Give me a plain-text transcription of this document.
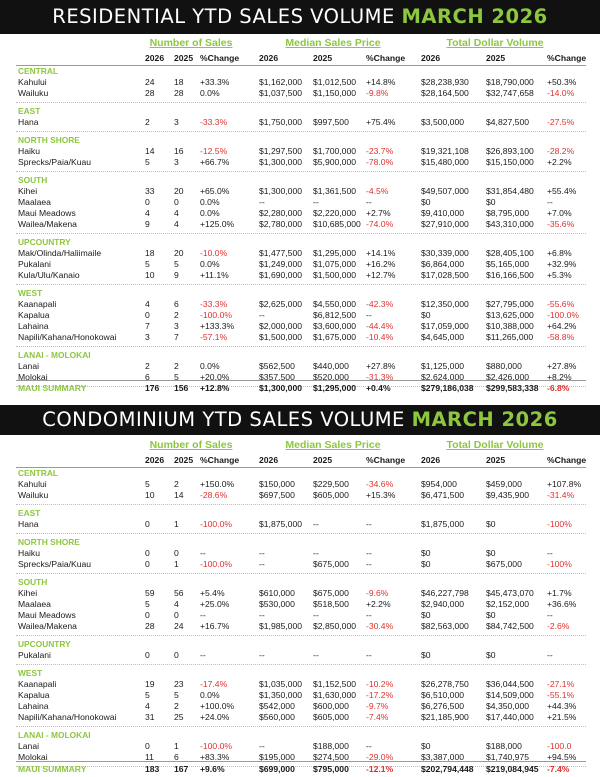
RESIDENTIAL YTD SALES VOLUME MARCH 2026
Number of Sales	Median Sales Price	Total Dollar Volume
2026 2025 %Change 2026	2025	%Change 2026	2025	%Change
CENTRAL
Kahului	24 18 +33.3%	$1,162,000 $1,012,500 +14.8%	$28,238,930 $18,790,000 +50.3%
Wailuku	28 28 0.0%	$1,037,500 $1,150,000 -9.8%	$28,164,500 $32,747,658 -14.0%
EAST
Hana	2	3 -33.3%	$1,750,000 $997,500 +75.4%	$3,500,000	$4,827,500 -27.5%
NORTH SHORE
Haiku	14 16 -12.5%	$1,297,500 $1,700,000 -23.7%	$19,321,108 $26,893,100 -28.2%
Sprecks/Paia/Kuau	5	3 +66.7%	$1,300,000 $5,900,000 -78.0%	$15,480,000 $15,150,000 +2.2%
SOUTH
Kihei	33 20 +65.0%	$1,300,000 $1,361,500 -4.5%	$49,507,000 $31,854,480 +55.4%
Maalaea	0	0 0.0%	--	--	--	$0	$0	--
Maui Meadows	4	4 0.0%	$2,280,000 $2,220,000 +2.7%	$9,410,000	$8,795,000 +7.0%
Wailea/Makena	9	4 +125.0%	$2,780,000 $10,685,000 -74.0%	$27,910,000 $43,310,000 -35.6%
UPCOUNTRY
Mak/Olinda/Haliimaile	18 20 -10.0%	$1,477,500 $1,295,000 +14.1%	$30,339,000 $28,405,100 +6.8%
Pukalani	5	5 0.0%	$1,249,000 $1,075,000 +16.2%	$6,864,000	$5,165,000 +32.9%
Kula/Ulu/Kanaio	10 9 +11.1%	$1,690,000 $1,500,000 +12.7%	$17,028,500 $16,166,500 +5.3%
WEST
Kaanapali	4	6 -33.3%	$2,625,000 $4,550,000 -42.3%	$12,350,000 $27,795,000 -55.6%
Kapalua	0	2 -100.0%	--	$6,812,500 --	$0	$13,625,000 -100.0%
Lahaina	7	3 +133.3%	$2,000,000 $3,600,000 -44.4%	$17,059,000 $10,388,000 +64.2%
Napili/Kahana/Honokowai	3	7 -57.1%	$1,500,000 $1,675,000 -10.4%	$4,645,000	$11,265,000 -58.8%
LANAI - MOLOKAI
Lanai	2	2 0.0%	$562,500 $440,000 +27.8%	$1,125,000	$880,000	+27.8%
Molokai	6	5 +20.0%	$357,500 $520,000 -31.3%	$2,624,000	$2,426,000 +8.2%
MAUI SUMMARY	176 156 +12.8%	$1,300,000 $1,295,000 +0.4%	$279,186,038 $299,583,338 -6.8%
CONDOMINIUM YTD SALES VOLUME MARCH 2026
Number of Sales	Median Sales Price	Total Dollar Volume
2026 2025 %Change 2026	2025	%Change 2026	2025	%Change
CENTRAL
Kahului	5	2 +150.0%	$150,000 $229,500 -34.6%	$954,000	$459,000	+107.8%
Wailuku	10 14 -28.6%	$697,500 $605,000 +15.3%	$6,471,500	$9,435,900 -31.4%
EAST
Hana	0	1 -100.0%	$1,875,000 --	--	$1,875,000	$0	-100%
NORTH SHORE
Haiku	0	0 --	--	--	--	$0	$0	--
Sprecks/Paia/Kuau	0	1 -100.0%	--	$675,000 --	$0	$675,000	-100%
SOUTH
Kihei	59 56 +5.4%	$610,000 $675,000 -9.6%	$46,227,798 $45,473,070 +1.7%
Maalaea	5	4 +25.0%	$530,000 $518,500 +2.2%	$2,940,000	$2,152,000 +36.6%
Maui Meadows	0	0 --	--	--	--	$0	$0	--
Wailea/Makena	28 24 +16.7%	$1,985,000 $2,850,000 -30.4%	$82,563,000 $84,742,500 -2.6%
UPCOUNTRY
Pukalani	0	0 --	--	--	--	$0	$0	--
WEST
Kaanapali	19 23 -17.4%	$1,035,000 $1,152,500 -10.2%	$26,278,750 $36,044,500 -27.1%
Kapalua	5	5 0.0%	$1,350,000 $1,630,000 -17.2%	$6,510,000	$14,509,000 -55.1%
Lahaina	4	2 +100.0%	$542,000 $600,000 -9.7%	$6,276,500	$4,350,000 +44.3%
Napili/Kahana/Honokowai	31 25 +24.0%	$560,000 $605,000 -7.4%	$21,185,900 $17,440,000 +21.5%
LANAI - MOLOKAI
Lanai	0	1 -100.0%	--	$188,000 --	$0	$188,000	-100.0
Molokai	11 6 +83.3%	$195,000 $274,500 -29.0%	$3,387,000	$1,740,975 +94.5%
MAUI SUMMARY	183 167 +9.6%	$699,000 $795,000 -12.1%	$202,794,448 $219,084,945 -7.4%
